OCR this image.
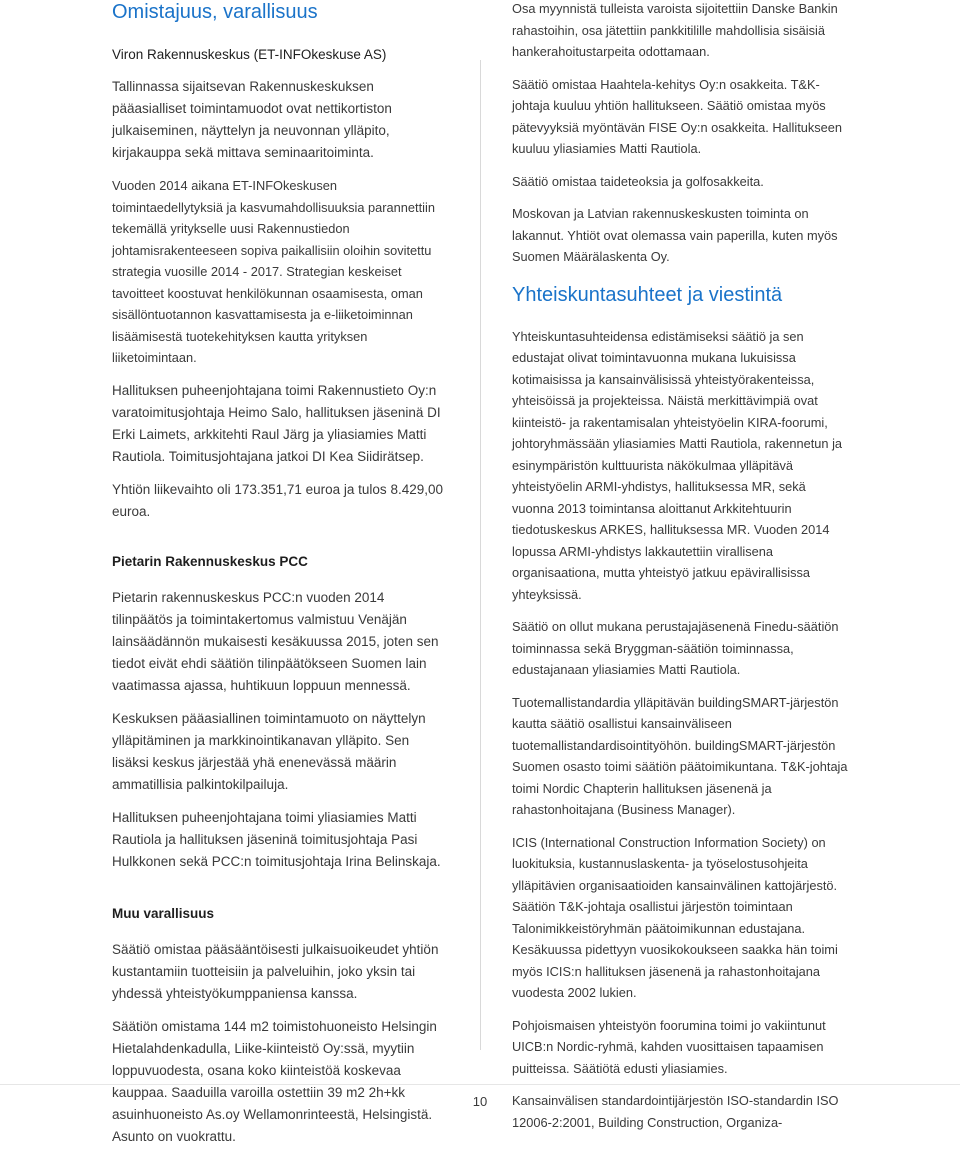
Omistajuus, varallisuus
Viron Rakennuskeskus (ET-INFOkeskuse AS)

Tallinnassa sijaitsevan Rakennuskeskuksen pääasialliset toimintamuodot ovat nettikortiston julkaiseminen, näyttelyn ja neuvonnan ylläpito, kirjakauppa sekä mittava seminaaritoiminta.

Vuoden 2014 aikana ET-INFOkeskusen toimintaedellytyksiä ja kasvumahdollisuuksia parannettiin tekemällä yritykselle uusi Rakennustiedon johtamisrakenteeseen sopiva paikallisiin oloihin sovitettu strategia vuosille 2014 - 2017. Strategian keskeiset tavoitteet koostuvat henkilökunnan osaamisesta, oman sisällöntuotannon kasvattamisesta ja e-liiketoiminnan lisäämisestä tuotekehityksen kautta yrityksen liiketoimintaan.

Hallituksen puheenjohtajana toimi Rakennustieto Oy:n varatoimitusjohtaja Heimo Salo, hallituksen jäseninä DI Erki Laimets, arkkitehti Raul Järg ja yliasiamies Matti Rautiola. Toimitusjohtajana jatkoi DI Kea Siidirätsep.

Yhtiön liikevaihto oli 173.351,71 euroa ja tulos 8.429,00 euroa.

Pietarin Rakennuskeskus PCC

Pietarin rakennuskeskus PCC:n vuoden 2014 tilinpäätös ja toimintakertomus valmistuu Venäjän lainsäädännön mukaisesti kesäkuussa 2015, joten sen tiedot eivät ehdi säätiön tilinpäätökseen Suomen lain vaatimassa ajassa, huhtikuun loppuun mennessä.

Keskuksen pääasiallinen toimintamuoto on näyttelyn ylläpitäminen ja markkinointikanavan ylläpito. Sen lisäksi keskus järjestää yhä enenevässä määrin ammatillisia palkintokilpailuja.

Hallituksen puheenjohtajana toimi yliasiamies Matti Rautiola ja hallituksen jäseninä toimitusjohtaja Pasi Hulkkonen sekä PCC:n toimitusjohtaja Irina Belinskaja.

Muu varallisuus

Säätiö omistaa pääsääntöisesti julkaisuoikeudet yhtiön kustantamiin tuotteisiin ja palveluihin, joko yksin tai yhdessä yhteistyökumppaniensa kanssa.

Säätiön omistama 144 m2 toimistohuoneisto Helsingin Hietalahdenkadulla, Liike-kiinteistö Oy:ssä, myytiin loppuvuodesta, osana koko kiinteistöä koskevaa kauppaa. Saaduilla varoilla ostettiin 39 m2 2h+kk asuinhuoneisto As.oy Wellamonrinteestä, Helsingistä. Asunto on vuokrattu.

Osa myynnistä tulleista varoista sijoitettiin Danske Bankin rahastoihin, osa jätettiin pankkitilille mahdollisia sisäisiä hankerahoitustarpeita odottamaan.

Säätiö omistaa Haahtela-kehitys Oy:n osakkeita. T&K-johtaja kuuluu yhtiön hallitukseen. Säätiö omistaa myös pätevyyksiä myöntävän FISE Oy:n osakkeita. Hallitukseen kuuluu yliasiamies Matti Rautiola.

Säätiö omistaa taideteoksia ja golfosakkeita.

Moskovan ja Latvian rakennuskeskusten toiminta on lakannut. Yhtiöt ovat olemassa vain paperilla, kuten myös Suomen Määrälaskenta Oy.

Yhteiskuntasuhteet ja viestintä

Yhteiskuntasuhteidensa edistämiseksi säätiö ja sen edustajat olivat toimintavuonna mukana lukuisissa kotimaisissa ja kansainvälisissä yhteistyörakenteissa, yhteisöissä ja projekteissa. Näistä merkittävimpiä ovat kiinteistö- ja rakentamisalan yhteistyöelin KIRA-foorumi, johtoryhmässään yliasiamies Matti Rautiola, rakennetun ja esinympäristön kulttuurista näkökulmaa ylläpitävä yhteistyöelin ARMI-yhdistys, hallituksessa MR, sekä vuonna 2013 toimintansa aloittanut Arkkitehtuurin tiedotuskeskus ARKES, hallituksessa MR. Vuoden 2014 lopussa ARMI-yhdistys lakkautettiin virallisena organisaationa, mutta yhteistyö jatkuu epävirallisissa yhteyksissä.

Säätiö on ollut mukana perustajajäsenenä Finedu-säätiön toiminnassa sekä Bryggman-säätiön toiminnassa, edustajanaan yliasiamies Matti Rautiola.

Tuotemallistandardia ylläpitävän buildingSMART-järjestön kautta säätiö osallistui kansainväliseen tuotemallistandardisointityöhön. buildingSMART-järjestön Suomen osasto toimi säätiön päätoimikuntana. T&K-johtaja toimi Nordic Chapterin hallituksen jäsenenä ja rahastonhoitajana (Business Manager).

ICIS (International Construction Information Society) on luokituksia, kustannuslaskenta- ja työselostusohjeita ylläpitävien organisaatioiden kansainvälinen kattojärjestö. Säätiön T&K-johtaja osallistui järjestön toimintaan Talonimikkeistöryhmän päätoimikunnan edustajana. Kesäkuussa pidettyyn vuosikokoukseen saakka hän toimi myös ICIS:n hallituksen jäsenenä ja rahastonhoitajana vuodesta 2002 lukien.

Pohjoismaisen yhteistyön foorumina toimi jo vakiintunut UICB:n Nordic-ryhmä, kahden vuosittaisen tapaamisen puitteissa. Säätiötä edusti yliasiamies.

Kansainvälisen standardointijärjestön ISO-standardin ISO 12006-2:2001, Building Construction, Organiza-

10
